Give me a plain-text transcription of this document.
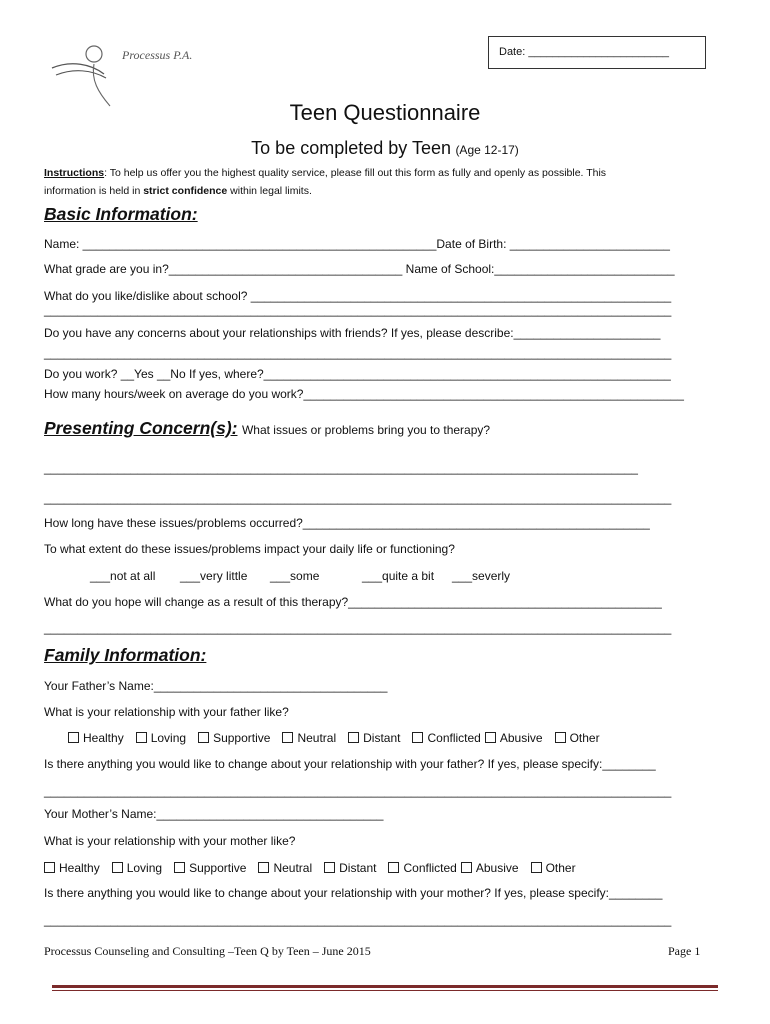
Processus P.A.	Date: _______________________
Teen Questionnaire
To be completed by Teen (Age 12-17)
Instructions: To help us offer you the highest quality service, please fill out this form as fully and openly as possible. This
information is held in strict confidence within legal limits.
Basic Information:
Name: _____________________________________________________Date of Birth: ________________________
What grade are you in?___________________________________ Name of School:___________________________
What do you like/dislike about school? _______________________________________________________________
______________________________________________________________________________________________
Do you have any concerns about your relationships with friends? If yes, please describe:______________________
______________________________________________________________________________________________
Do you work? __Yes __No If yes, where?_____________________________________________________________
How many hours/week on average do you work?_________________________________________________________
Presenting Concern(s): What issues or problems bring you to therapy?
_________________________________________________________________________________________
______________________________________________________________________________________________
How long have these issues/problems occurred?____________________________________________________
To what extent do these issues/problems impact your daily life or functioning?
___not at all ___very little ___some	___quite a bit ___severly
What do you hope will change as a result of this therapy?_______________________________________________
______________________________________________________________________________________________
Family Information:
Your Father’s Name:___________________________________
What is your relationship with your father like?
Healthy Loving Supportive Neutral Distant Conflicted Abusive Other
Is there anything you would like to change about your relationship with your father? If yes, please specify:________
______________________________________________________________________________________________
Your Mother’s Name:__________________________________
What is your relationship with your mother like?
Healthy Loving Supportive Neutral Distant Conflicted Abusive Other
Is there anything you would like to change about your relationship with your mother? If yes, please specify:________
______________________________________________________________________________________________
Processus Counseling and Consulting –Teen Q by Teen – June 2015	Page 1
